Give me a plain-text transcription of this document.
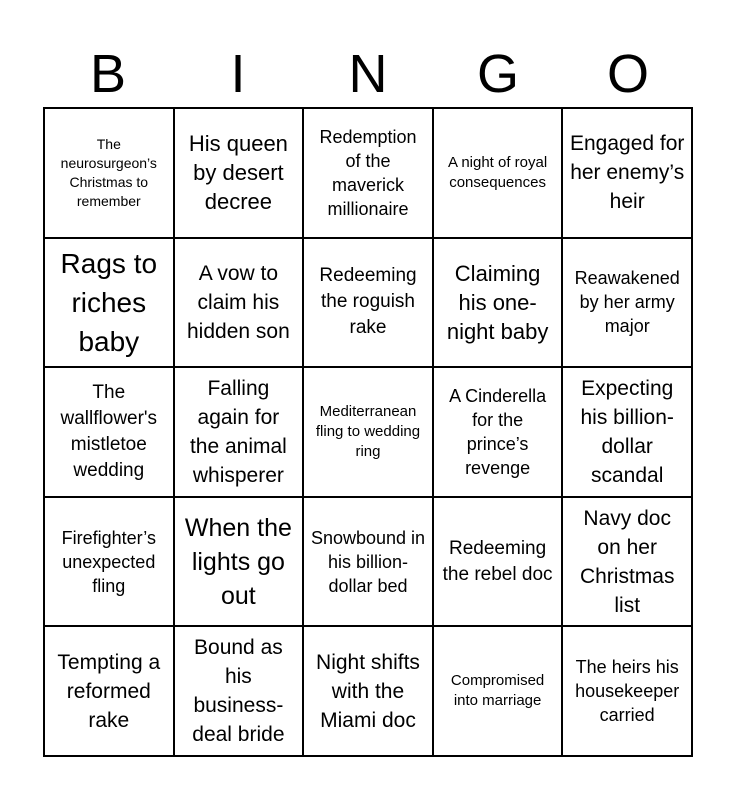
B	I	N	G	O
The neurosurgeon’s Christmas to remember
His queen by desert decree
Redemption of the maverick millionaire
A night of royal consequences
Engaged for her enemy’s heir
Rags to riches baby
A vow to claim his hidden son
Redeeming the roguish rake
Claiming his one-night baby
Reawakened by her army major
The wallflower's mistletoe wedding
Falling again for the animal whisperer
Mediterranean fling to wedding ring
A Cinderella for the prince’s revenge
Expecting his billion-dollar scandal
Firefighter’s unexpected fling
When the lights go out
Snowbound in his billion-dollar bed
Redeeming the rebel doc
Navy doc on her Christmas list
Tempting a reformed rake
Bound as his business-deal bride
Night shifts with the Miami doc
Compromised into marriage
The heirs his housekeeper carried
